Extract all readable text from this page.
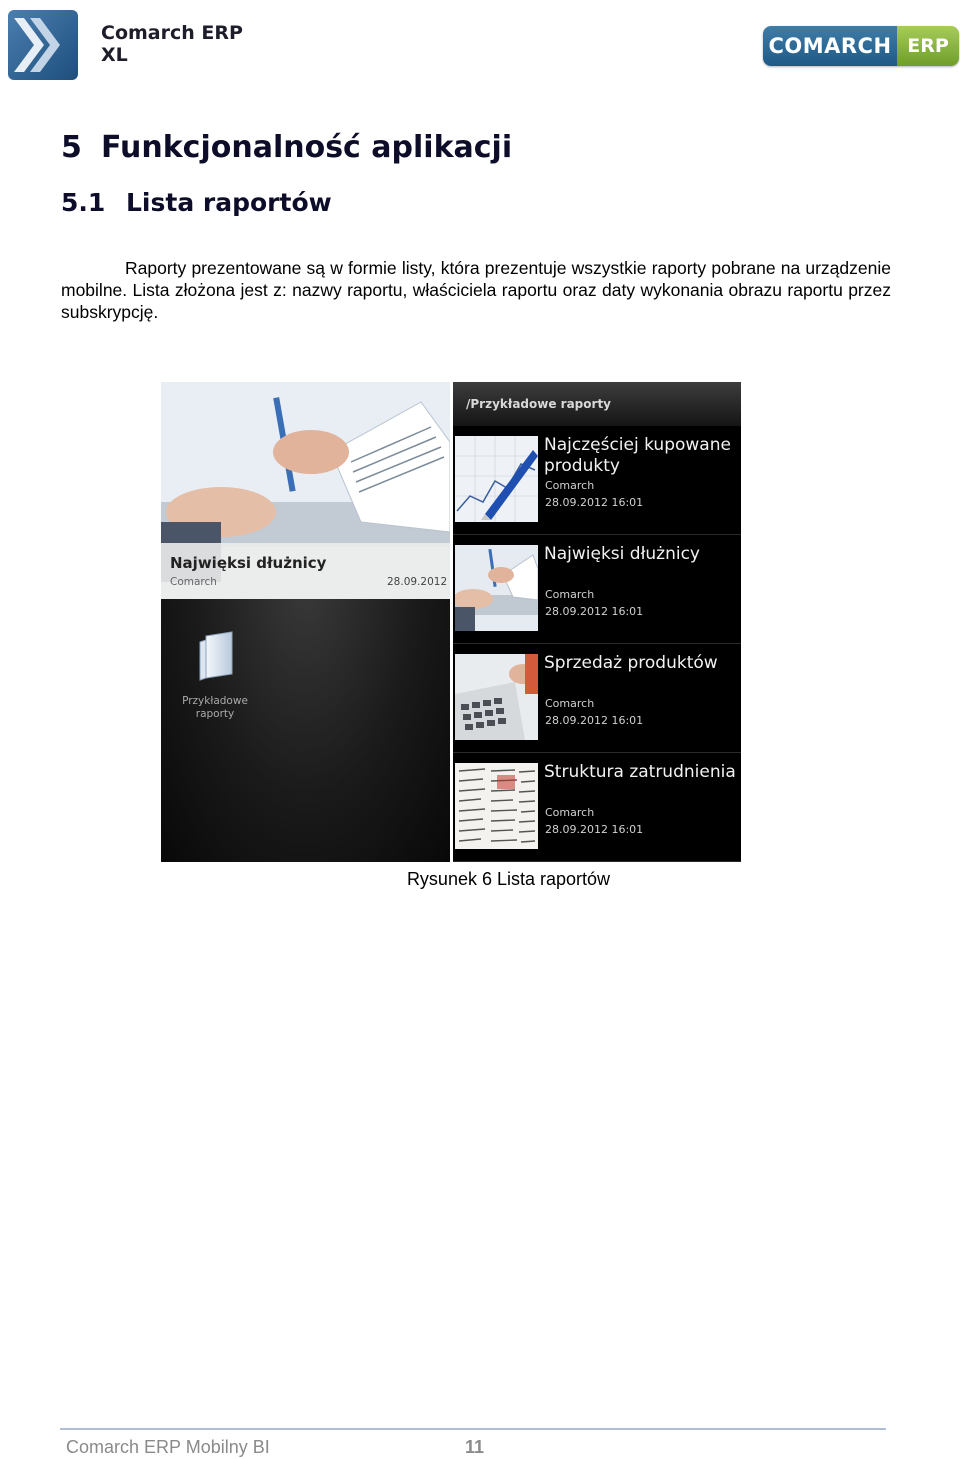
Comarch ERP
XL	COMARCH ERP
5 Funkcjonalność aplikacji
5.1 Lista raportów

Raporty prezentowane są w formie listy, która prezentuje wszystkie raporty pobrane na urządzenie mobilne. Lista złożona jest z: nazwy raportu, właściciela raportu oraz daty wykonania obrazu raportu przez subskrypcję.

Najwięksi dłużnicy
Comarch	28.09.2012
Przykładowe raporty
/Przykładowe raporty
Najczęściej kupowane produkty
Comarch
28.09.2012 16:01
Najwięksi dłużnicy
Comarch
28.09.2012 16:01
Sprzedaż produktów
Comarch
28.09.2012 16:01
Struktura zatrudnienia
Comarch
28.09.2012 16:01
Rysunek 6 Lista raportów
Comarch ERP Mobilny BI	11
